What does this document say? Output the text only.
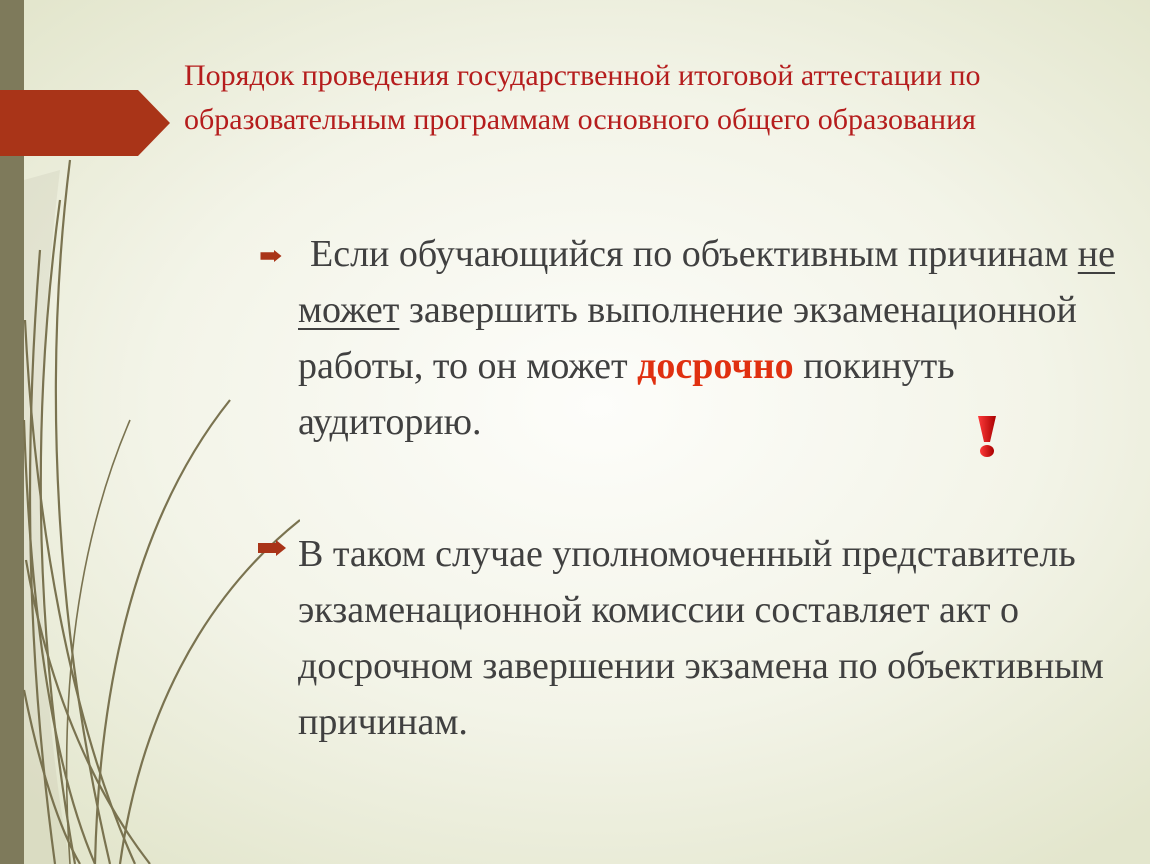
Порядок проведения государственной итоговой аттестации по образовательным программам основного общего образования
Если обучающийся по объективным причинам не может завершить выполнение экзаменационной работы, то он может досрочно покинуть аудиторию.
В таком случае уполномоченный представитель экзаменационной комиссии составляет акт о досрочном завершении экзамена по объективным причинам.
